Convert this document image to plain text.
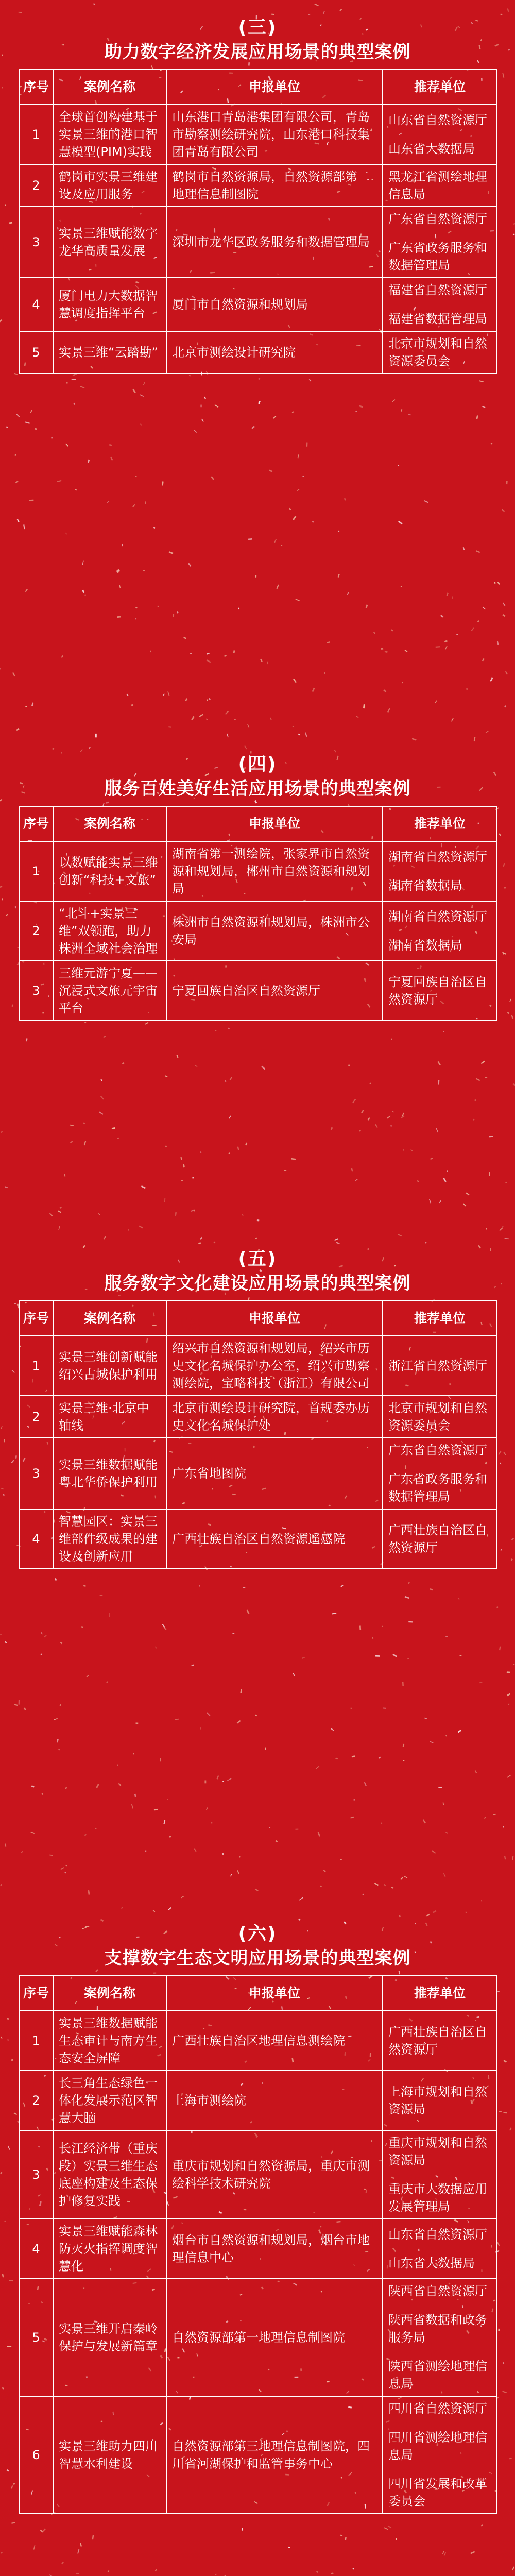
(三)
助力数字经济发展应用场景的典型案例
序号	案例名称	申报单位	推荐单位
1	全球首创构建基于实景三维的港口智慧模型(PIM)实践	山东港口青岛港集团有限公司，青岛市勘察测绘研究院，山东港口科技集团青岛有限公司	山东省自然资源厅
山东省大数据局

2	鹤岗市实景三维建设及应用服务	鹤岗市自然资源局，自然资源部第二地理信息制图院	黑龙江省测绘地理信息局

3	实景三维赋能数字龙华高质量发展	深圳市龙华区政务服务和数据管理局	广东省自然资源厅
广东省政务服务和数据管理局

4	厦门电力大数据智慧调度指挥平台	厦门市自然资源和规划局	福建省自然资源厅
福建省数据管理局

5	实景三维“云踏勘”	北京市测绘设计研究院	北京市规划和自然资源委员会
(四)
服务百姓美好生活应用场景的典型案例
序号	案例名称	申报单位	推荐单位
1	以数赋能实景三维创新“科技+文旅”	湖南省第一测绘院，张家界市自然资源和规划局，郴州市自然资源和规划局	湖南省自然资源厅
湖南省数据局

2	“北斗+实景三维”双领跑，助力株洲全域社会治理	株洲市自然资源和规划局，株洲市公安局	湖南省自然资源厅
湖南省数据局

3	三维元游宁夏——沉浸式文旅元宇宙平台	宁夏回族自治区自然资源厅	宁夏回族自治区自然资源厅
(五)
服务数字文化建设应用场景的典型案例
序号	案例名称	申报单位	推荐单位
1	实景三维创新赋能绍兴古城保护利用	绍兴市自然资源和规划局，绍兴市历史文化名城保护办公室，绍兴市勘察测绘院，宝略科技（浙江）有限公司	浙江省自然资源厅

2	实景三维·北京中轴线	北京市测绘设计研究院，首规委办历史文化名城保护处	北京市规划和自然资源委员会

3	实景三维数据赋能粤北华侨保护利用	广东省地图院	广东省自然资源厅
广东省政务服务和数据管理局

4	智慧园区：实景三维部件级成果的建设及创新应用	广西壮族自治区自然资源遥感院	广西壮族自治区自然资源厅
(六)
支撑数字生态文明应用场景的典型案例
序号	案例名称	申报单位	推荐单位
1	实景三维数据赋能生态审计与南方生态安全屏障	广西壮族自治区地理信息测绘院	广西壮族自治区自然资源厅

2	长三角生态绿色一体化发展示范区智慧大脑	上海市测绘院	上海市规划和自然资源局

3	长江经济带（重庆段）实景三维生态底座构建及生态保护修复实践	重庆市规划和自然资源局，重庆市测绘科学技术研究院	重庆市规划和自然资源局
重庆市大数据应用发展管理局

4	实景三维赋能森林防灭火指挥调度智慧化	烟台市自然资源和规划局，烟台市地理信息中心	山东省自然资源厅
山东省大数据局

5	实景三维开启秦岭保护与发展新篇章	自然资源部第一地理信息制图院	陕西省自然资源厅
陕西省数据和政务服务局
陕西省测绘地理信息局

6	实景三维助力四川智慧水利建设	自然资源部第三地理信息制图院，四川省河湖保护和监管事务中心	四川省自然资源厅
四川省测绘地理信息局
四川省发展和改革委员会
